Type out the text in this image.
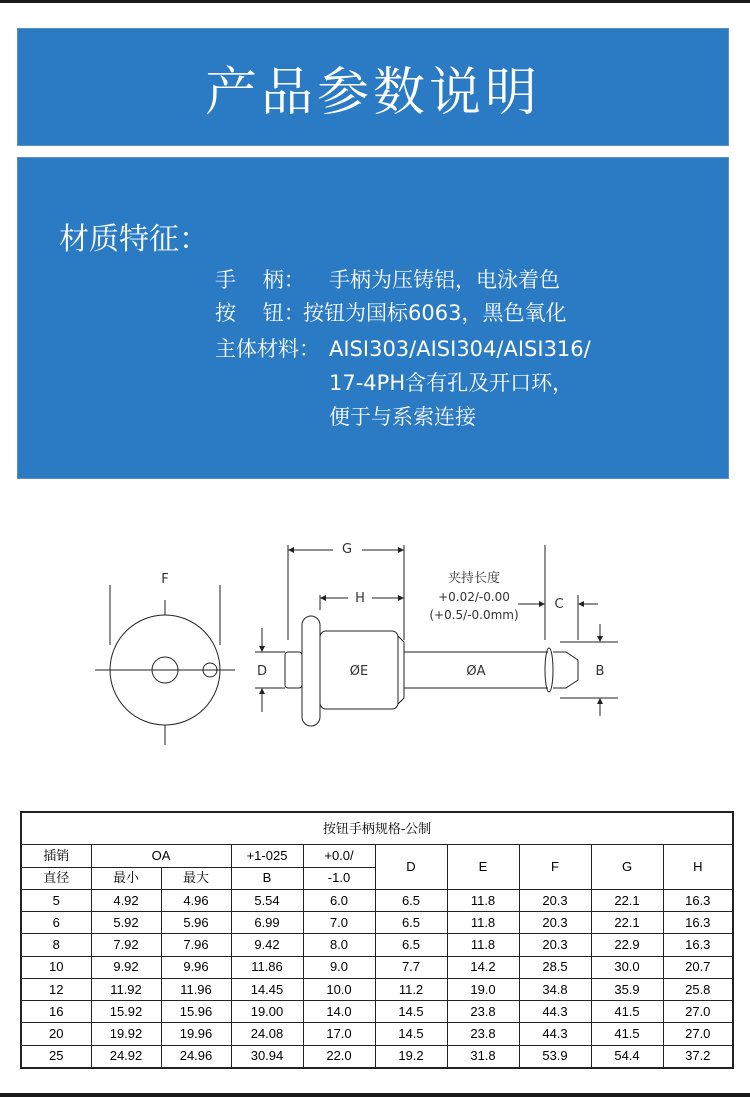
产品参数说明
材质特征：
手    柄： 手柄为压铸铝，电泳着色
按    钮：按钮为国标6063，黑色氧化
主体材料： AISI303/AISI304/AISI316/
17-4PH含有孔及开口环，
便于与系索连接
F
G
H	C
D	B
ØE	ØA
夹持长度
+0.02/-0.00
(+0.5/-0.0mm)
按钮手柄规格-公制									
插销	OA		+1-025	+0.0/	D	E	F	G	H
直径	最小	最大	B	-1.0					
5	4.92	4.96	5.54	6.0	6.5	11.8	20.3	22.1	16.3
6	5.92	5.96	6.99	7.0	6.5	11.8	20.3	22.1	16.3
8	7.92	7.96	9.42	8.0	6.5	11.8	20.3	22.9	16.3
10	9.92	9.96	11.86	9.0	7.7	14.2	28.5	30.0	20.7
12	11.92	11.96	14.45	10.0	11.2	19.0	34.8	35.9	25.8
16	15.92	15.96	19.00	14.0	14.5	23.8	44.3	41.5	27.0
20	19.92	19.96	24.08	17.0	14.5	23.8	44.3	41.5	27.0
25	24.92	24.96	30.94	22.0	19.2	31.8	53.9	54.4	37.2
